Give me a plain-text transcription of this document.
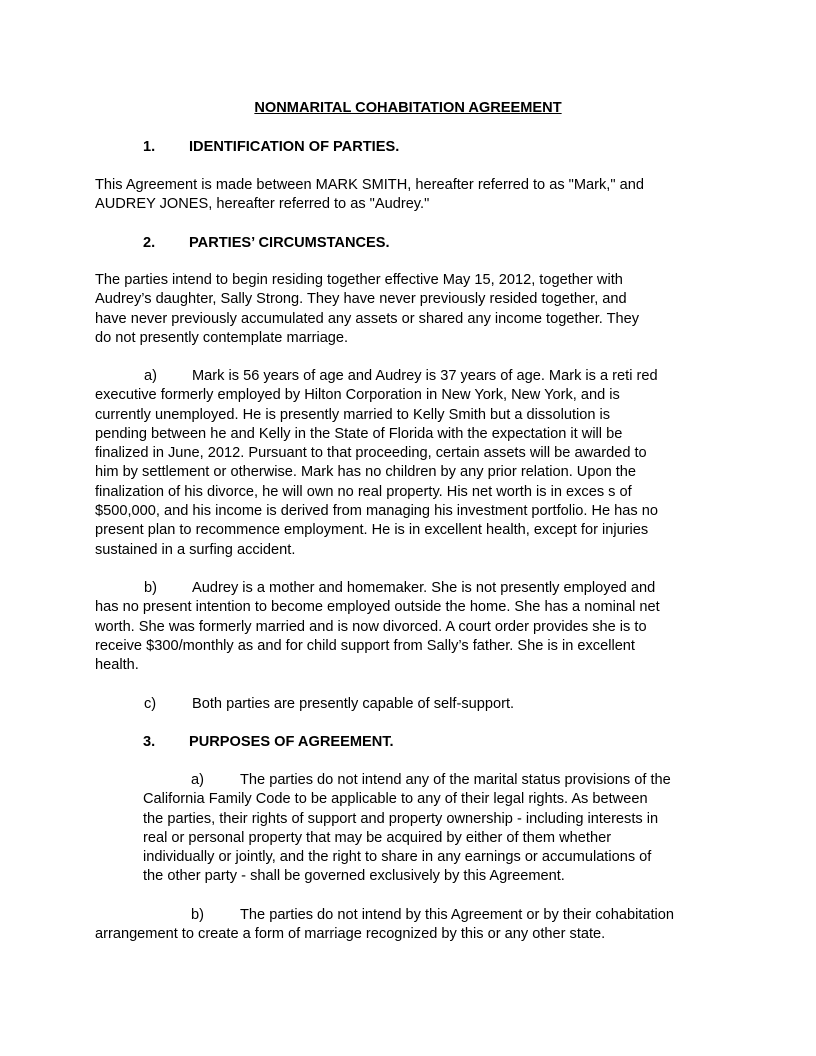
NONMARITAL COHABITATION AGREEMENT
1. IDENTIFICATION OF PARTIES.
This Agreement is made between MARK SMITH, hereafter referred to as "Mark," and
AUDREY JONES, hereafter referred to as "Audrey."
2. PARTIES’ CIRCUMSTANCES.
The parties intend to begin residing together effective May 15, 2012, together with
Audrey’s daughter, Sally Strong. They have never previously resided together, and
have never previously accumulated any assets or shared any income together. They
do not presently contemplate marriage.
a) Mark is 56 years of age and Audrey is 37 years of age. Mark is a reti red
executive formerly employed by Hilton Corporation in New York, New York, and is
currently unemployed. He is presently married to Kelly Smith but a dissolution is
pending between he and Kelly in the State of Florida with the expectation it will be
finalized in June, 2012. Pursuant to that proceeding, certain assets will be awarded to
him by settlement or otherwise. Mark has no children by any prior relation. Upon the
finalization of his divorce, he will own no real property. His net worth is in exces s of
$500,000, and his income is derived from managing his investment portfolio. He has no
present plan to recommence employment. He is in excellent health, except for injuries
sustained in a surfing accident.
b) Audrey is a mother and homemaker. She is not presently employed and
has no present intention to become employed outside the home. She has a nominal net
worth. She was formerly married and is now divorced. A court order provides she is to
receive $300/monthly as and for child support from Sally’s father. She is in excellent
health.
c) Both parties are presently capable of self-support.
3. PURPOSES OF AGREEMENT.
a) The parties do not intend any of the marital status provisions of the
California Family Code to be applicable to any of their legal rights. As between
the parties, their rights of support and property ownership - including interests in
real or personal property that may be acquired by either of them whether
individually or jointly, and the right to share in any earnings or accumulations of
the other party - shall be governed exclusively by this Agreement.
b) The parties do not intend by this Agreement or by their cohabitation
arrangement to create a form of marriage recognized by this or any other state.
